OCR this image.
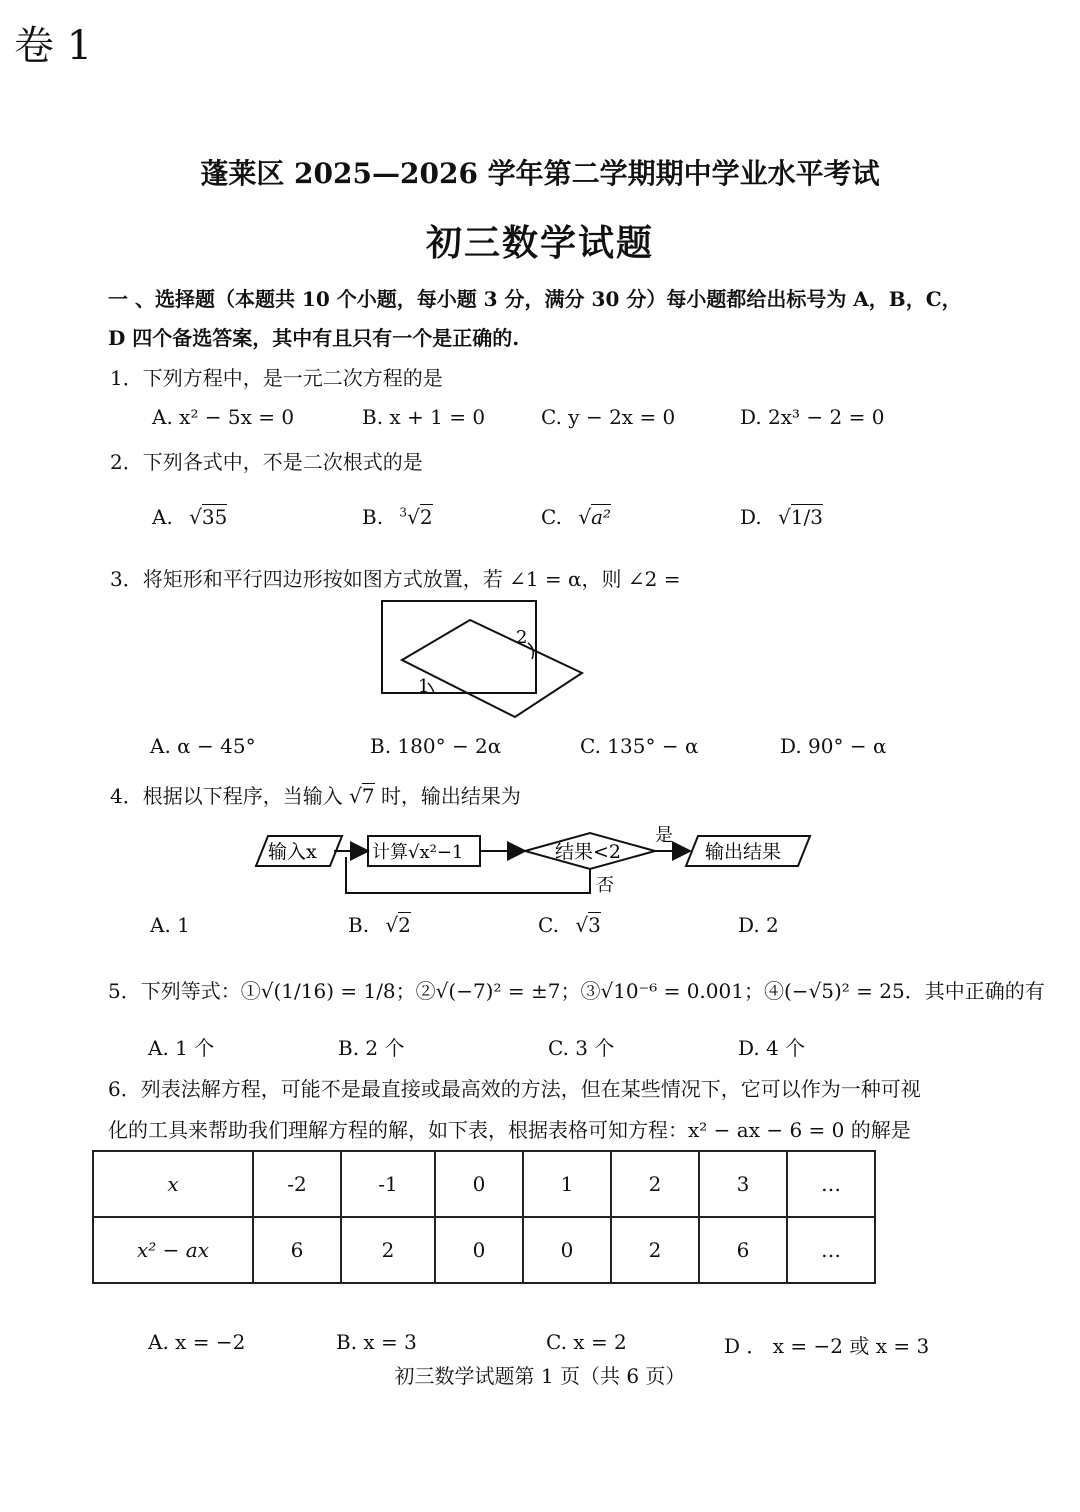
卷 1
蓬莱区 2025—2026 学年第二学期期中学业水平考试
初三数学试题
一 、选择题（本题共 10 个小题，每小题 3 分，满分 30 分）每小题都给出标号为 A，B，C，
D 四个备选答案，其中有且只有一个是正确的.
1．下列方程中，是一元二次方程的是
A. x² − 5x = 0	B. x + 1 = 0	C. y − 2x = 0	D. 2x³ − 2 = 0
2．下列各式中，不是二次根式的是
A. √35	B. $^3$√2	C. √a²	D. √1/3
3．将矩形和平行四边形按如图方式放置，若 ∠1 = α，则 ∠2 =
2
1
A. α − 45°	B. 180° − 2α	C. 135° − α	D. 90° − α
4．根据以下程序，当输入 √7 时，输出结果为
输入x	计算√x²−1	结果<2
是
输出结果
否
A. 1	B. √2	C. √3	D. 2
5．下列等式：①√(1/16) = 1/8；②√(−7)² = ±7；③√10⁻⁶ = 0.001；④(−√5)² = 25．其中正确的有
A. 1 个	B. 2 个	C. 3 个	D. 4 个
6．列表法解方程，可能不是最直接或最高效的方法，但在某些情况下，它可以作为一种可视
化的工具来帮助我们理解方程的解，如下表，根据表格可知方程：x² − ax − 6 = 0 的解是
x	-2	-1	0	1	2	3	…
x² − ax	6	2	0	0	2	6	…
A. x = −2	B. x = 3	C. x = 2	D ． x = −2 或 x = 3
初三数学试题第 1 页（共 6 页）
